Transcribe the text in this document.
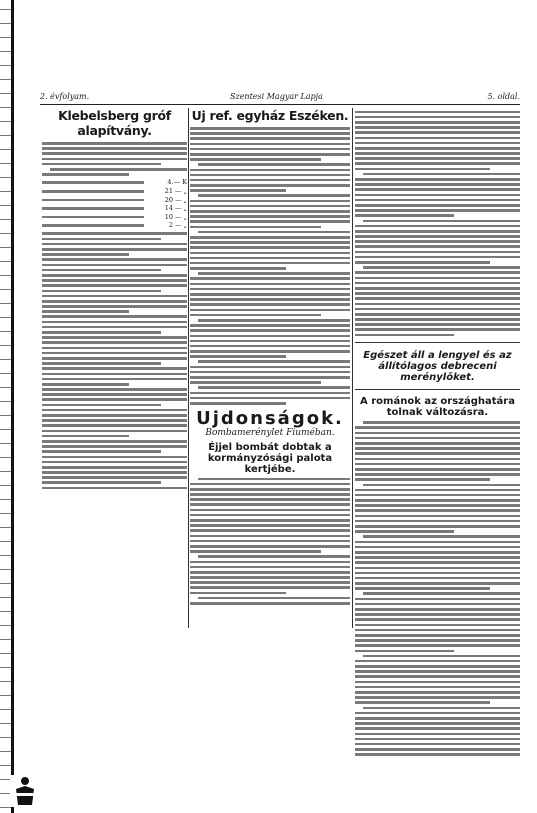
2. évfolyam.	Szentesi Magyar Lapja	5. oldal.
Klebelsberg gróf alapítvány.
4.— K
21 — „
20 — „
14 — „
10 — „
2 — „
Uj ref. egyház Eszéken.
Ujdonságok.
Bombamerénylet Fiuméban.
Éjjel bombát dobtak a kormányzósági palota kertjébe.
Egészet áll a lengyel és az állítólagos debreceni merénylőket.
A románok az országhatára tolnak változásra.
